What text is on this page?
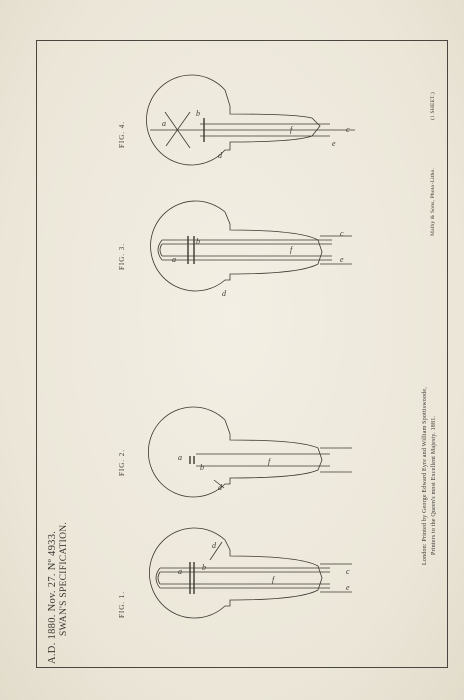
A.D. 1880. Nov. 27. Nº 4933. SWAN'S SPECIFICATION.
(1 SHEET.)
Malby & Sons, Photo-Litho.
London: Printed by George Edward Eyre and William Spottiswoode, Printers to the Queen's most Excellent Majesty. 1881.
FIG. 1.
FIG. 2.
FIG. 3.
FIG. 4.
a	b
d
c
e
f
a
b
d
f
a
b
d
c
e
f
a
b
d
c
e
f
